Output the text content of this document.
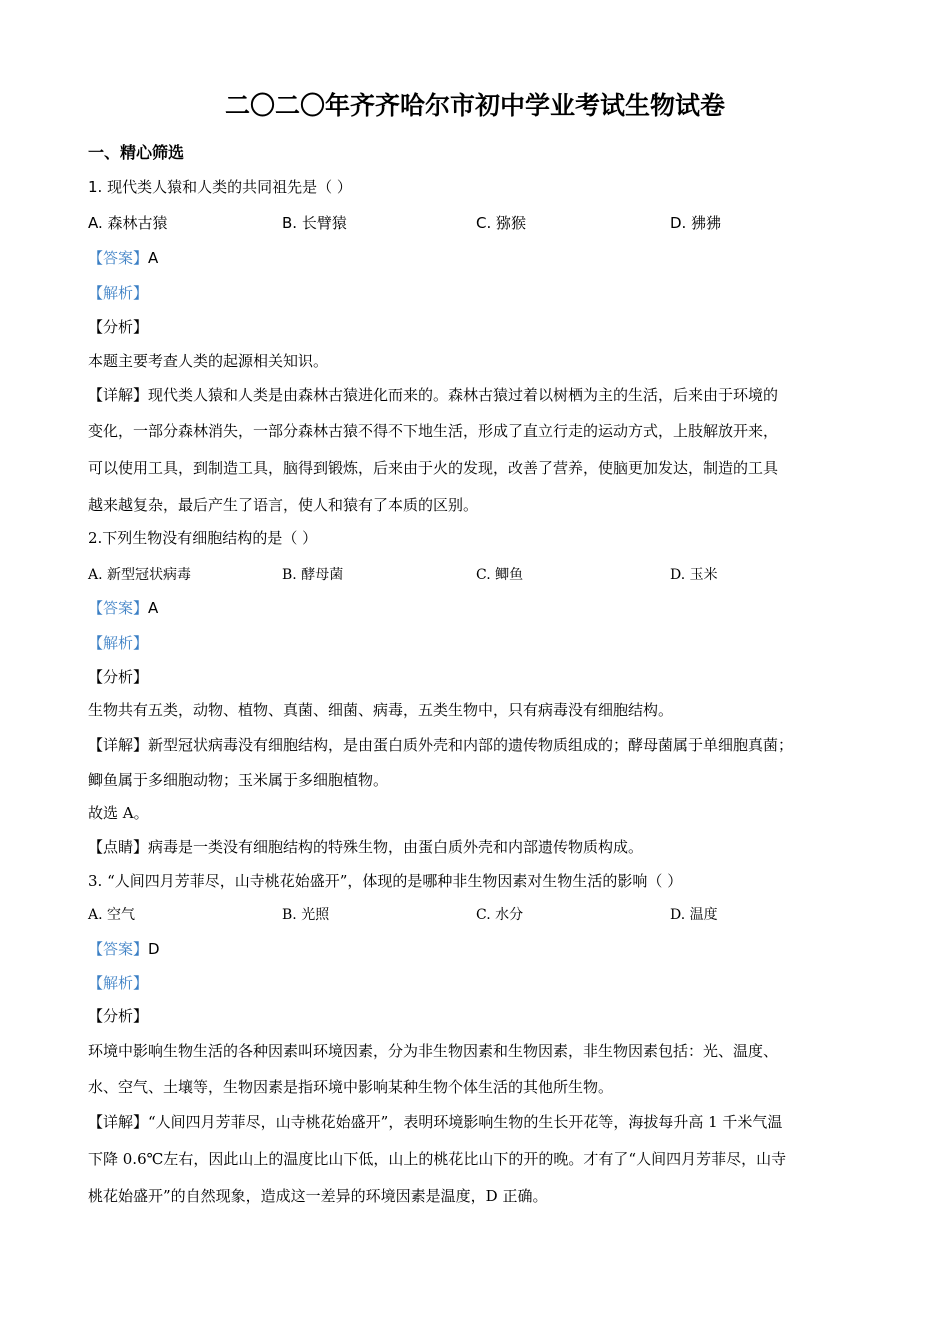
二〇二〇年齐齐哈尔市初中学业考试生物试卷
一、精心筛选
1. 现代类人猿和人类的共同祖先是（ ）
A. 森林古猿	B. 长臂猿	C. 猕猴	D. 狒狒
【答案】A
【解析】
【分析】
本题主要考查人类的起源相关知识。
【详解】现代类人猿和人类是由森林古猿进化而来的。森林古猿过着以树栖为主的生活，后来由于环境的
变化，一部分森林消失，一部分森林古猿不得不下地生活，形成了直立行走的运动方式，上肢解放开来，
可以使用工具，到制造工具，脑得到锻炼，后来由于火的发现，改善了营养，使脑更加发达，制造的工具
越来越复杂，最后产生了语言，使人和猿有了本质的区别。
2.下列生物没有细胞结构的是（ ）
A. 新型冠状病毒	B. 酵母菌	C. 鲫鱼	D. 玉米
【答案】A
【解析】
【分析】
生物共有五类，动物、植物、真菌、细菌、病毒，五类生物中，只有病毒没有细胞结构。
【详解】新型冠状病毒没有细胞结构，是由蛋白质外壳和内部的遗传物质组成的；酵母菌属于单细胞真菌；
鲫鱼属于多细胞动物；玉米属于多细胞植物。
故选 A。
【点睛】病毒是一类没有细胞结构的特殊生物，由蛋白质外壳和内部遗传物质构成。
3. “人间四月芳菲尽，山寺桃花始盛开”，体现的是哪种非生物因素对生物生活的影响（ ）
A. 空气	B. 光照	C. 水分	D. 温度
【答案】D
【解析】
【分析】
环境中影响生物生活的各种因素叫环境因素，分为非生物因素和生物因素，非生物因素包括：光、温度、
水、空气、土壤等，生物因素是指环境中影响某种生物个体生活的其他所生物。
【详解】“人间四月芳菲尽，山寺桃花始盛开”，表明环境影响生物的生长开花等，海拔每升高 1 千米气温
下降 0.6℃左右，因此山上的温度比山下低，山上的桃花比山下的开的晚。才有了“人间四月芳菲尽，山寺
桃花始盛开”的自然现象，造成这一差异的环境因素是温度，D 正确。
